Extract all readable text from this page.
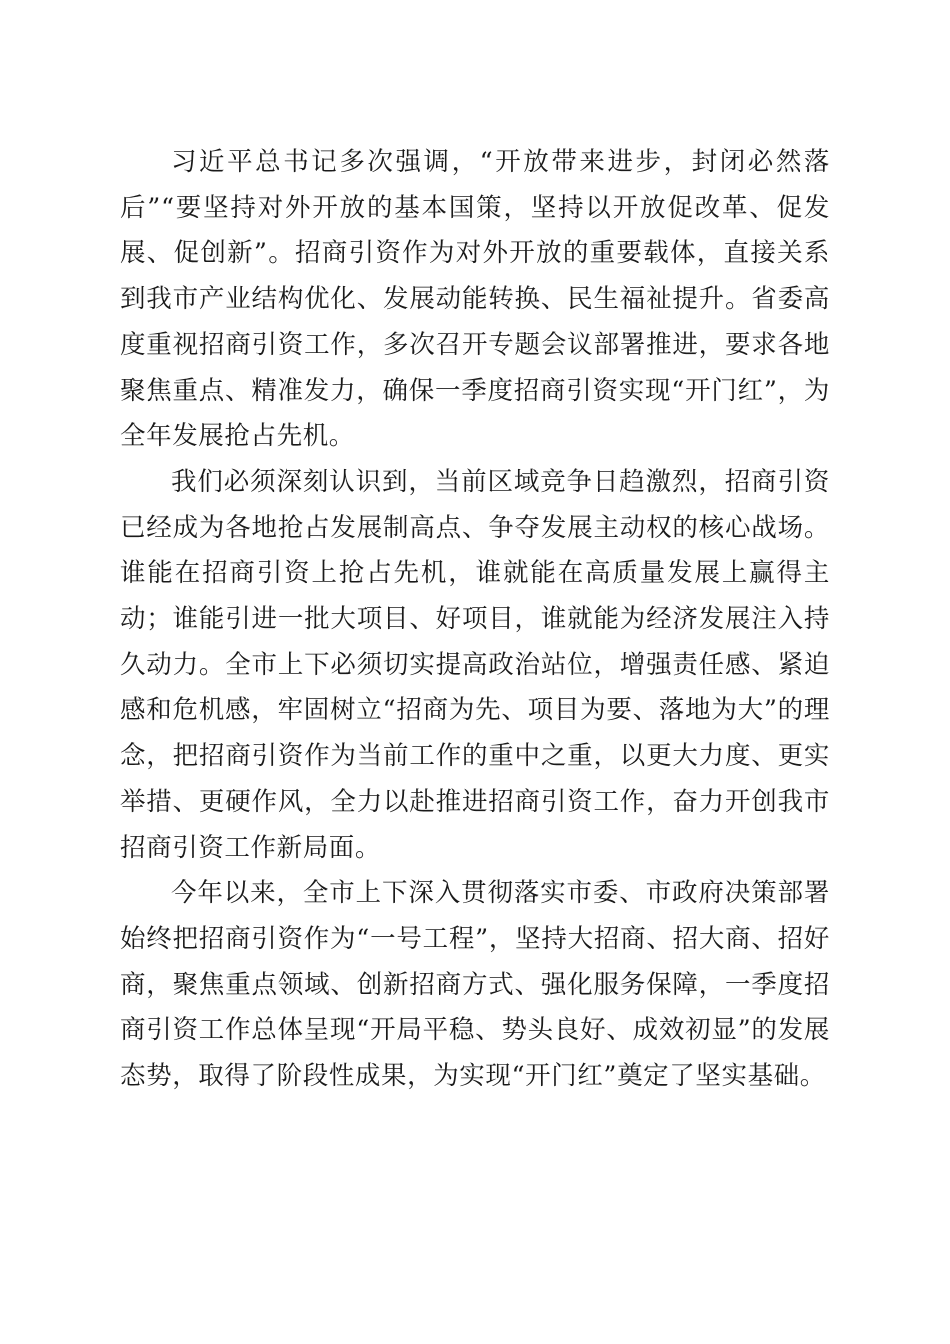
习近平总书记多次强调，“开放带来进步，封闭必然落后”“要坚持对外开放的基本国策，坚持以开放促改革、促发展、促创新”。招商引资作为对外开放的重要载体，直接关系到我市产业结构优化、发展动能转换、民生福祉提升。省委高度重视招商引资工作，多次召开专题会议部署推进，要求各地聚焦重点、精准发力，确保一季度招商引资实现“开门红”，为全年发展抢占先机。

我们必须深刻认识到，当前区域竞争日趋激烈，招商引资已经成为各地抢占发展制高点、争夺发展主动权的核心战场。谁能在招商引资上抢占先机，谁就能在高质量发展上赢得主动；谁能引进一批大项目、好项目，谁就能为经济发展注入持久动力。全市上下必须切实提高政治站位，增强责任感、紧迫感和危机感，牢固树立“招商为先、项目为要、落地为大”的理念，把招商引资作为当前工作的重中之重，以更大力度、更实举措、更硬作风，全力以赴推进招商引资工作，奋力开创我市招商引资工作新局面。

今年以来，全市上下深入贯彻落实市委、市政府决策部署始终把招商引资作为“一号工程”，坚持大招商、招大商、招好商，聚焦重点领域、创新招商方式、强化服务保障，一季度招商引资工作总体呈现“开局平稳、势头良好、成效初显”的发展态势，取得了阶段性成果，为实现“开门红”奠定了坚实基础。
